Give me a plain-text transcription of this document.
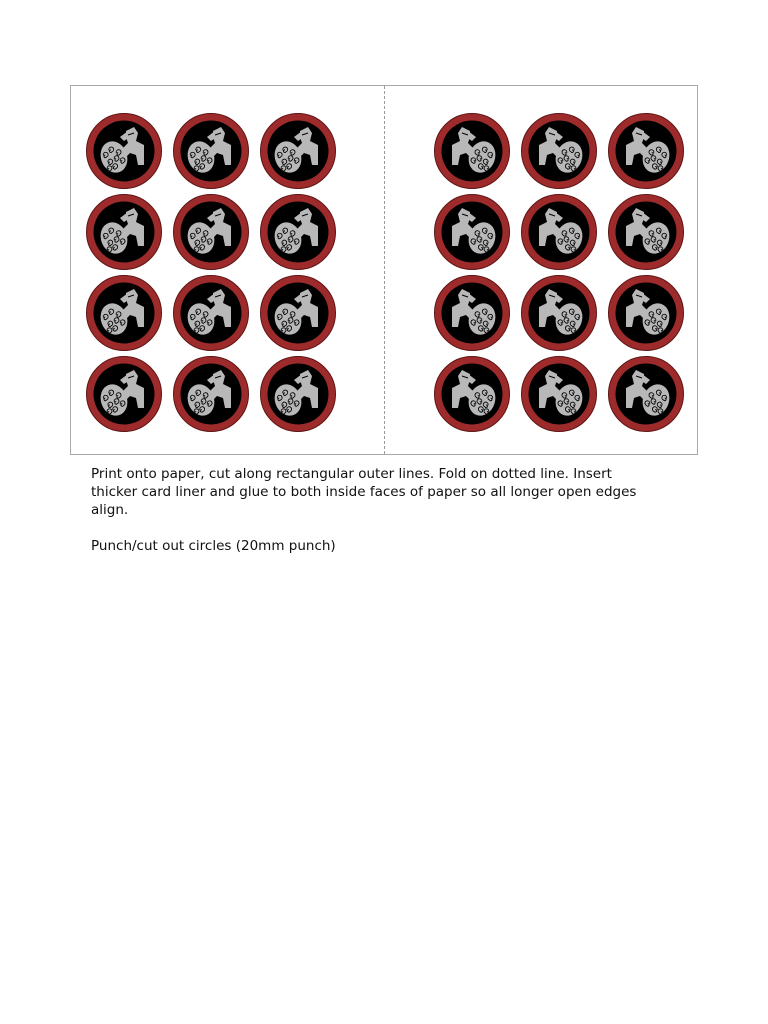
Print onto paper, cut along rectangular outer lines. Fold on dotted line. Insert thicker card liner and glue to both inside faces of paper so all longer open edges align.

Punch/cut out circles (20mm punch)
